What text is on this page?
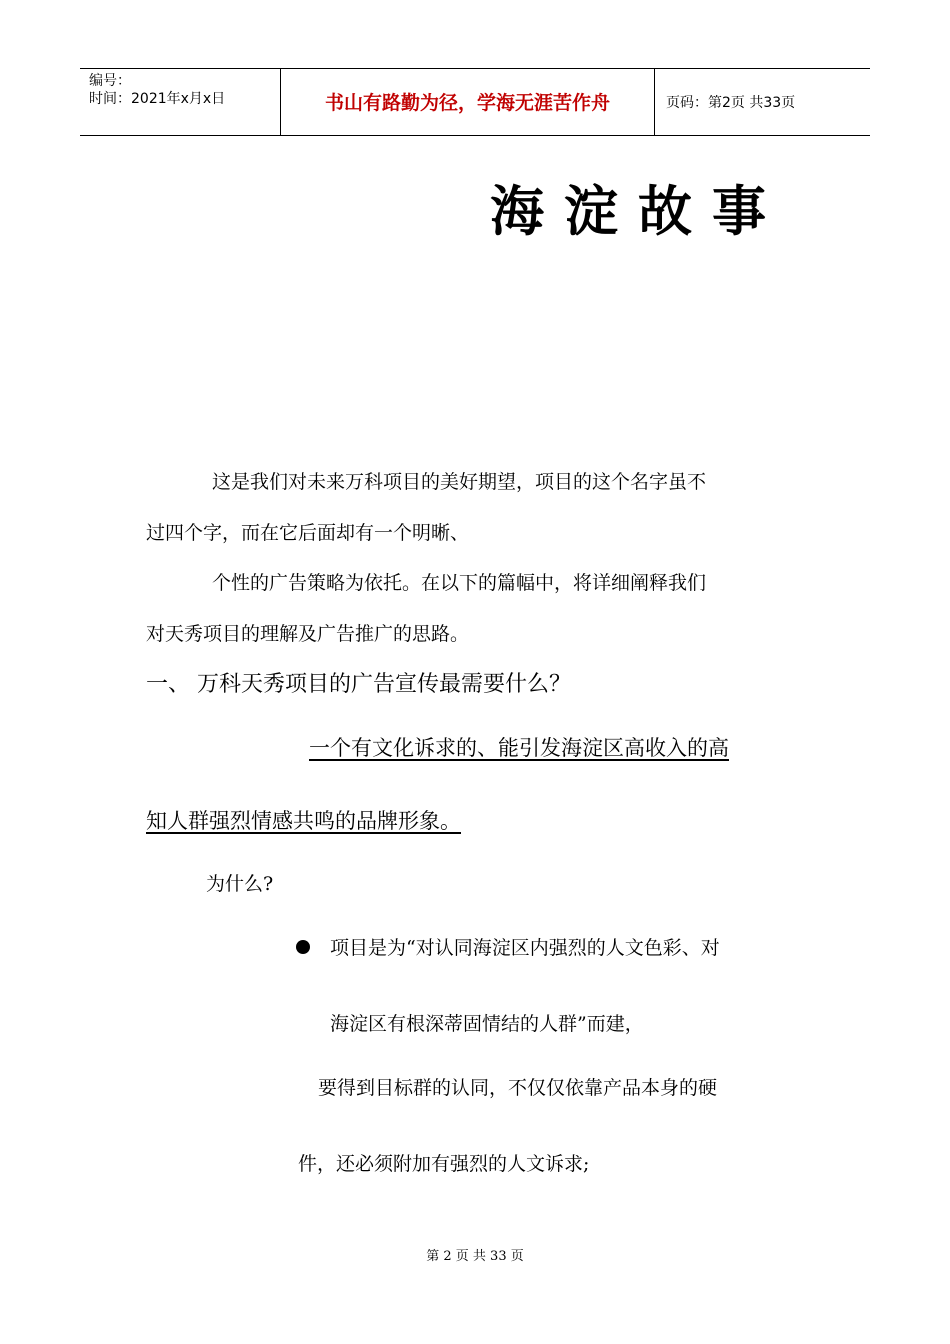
编号：
时间：2021年x月x日	书山有路勤为径，学海无涯苦作舟	页码：第2页 共33页
海淀故事
这是我们对未来万科项目的美好期望，项目的这个名字虽不
过四个字，而在它后面却有一个明晰、
个性的广告策略为依托。在以下的篇幅中，将详细阐释我们
对天秀项目的理解及广告推广的思路。
一、 万科天秀项目的广告宣传最需要什么？
一个有文化诉求的、能引发海淀区高收入的高
知人群强烈情感共鸣的品牌形象。
为什么?
项目是为“对认同海淀区内强烈的人文色彩、对
海淀区有根深蒂固情结的人群”而建，
要得到目标群的认同，不仅仅依靠产品本身的硬
件，还必须附加有强烈的人文诉求;
第 2 页 共 33 页
